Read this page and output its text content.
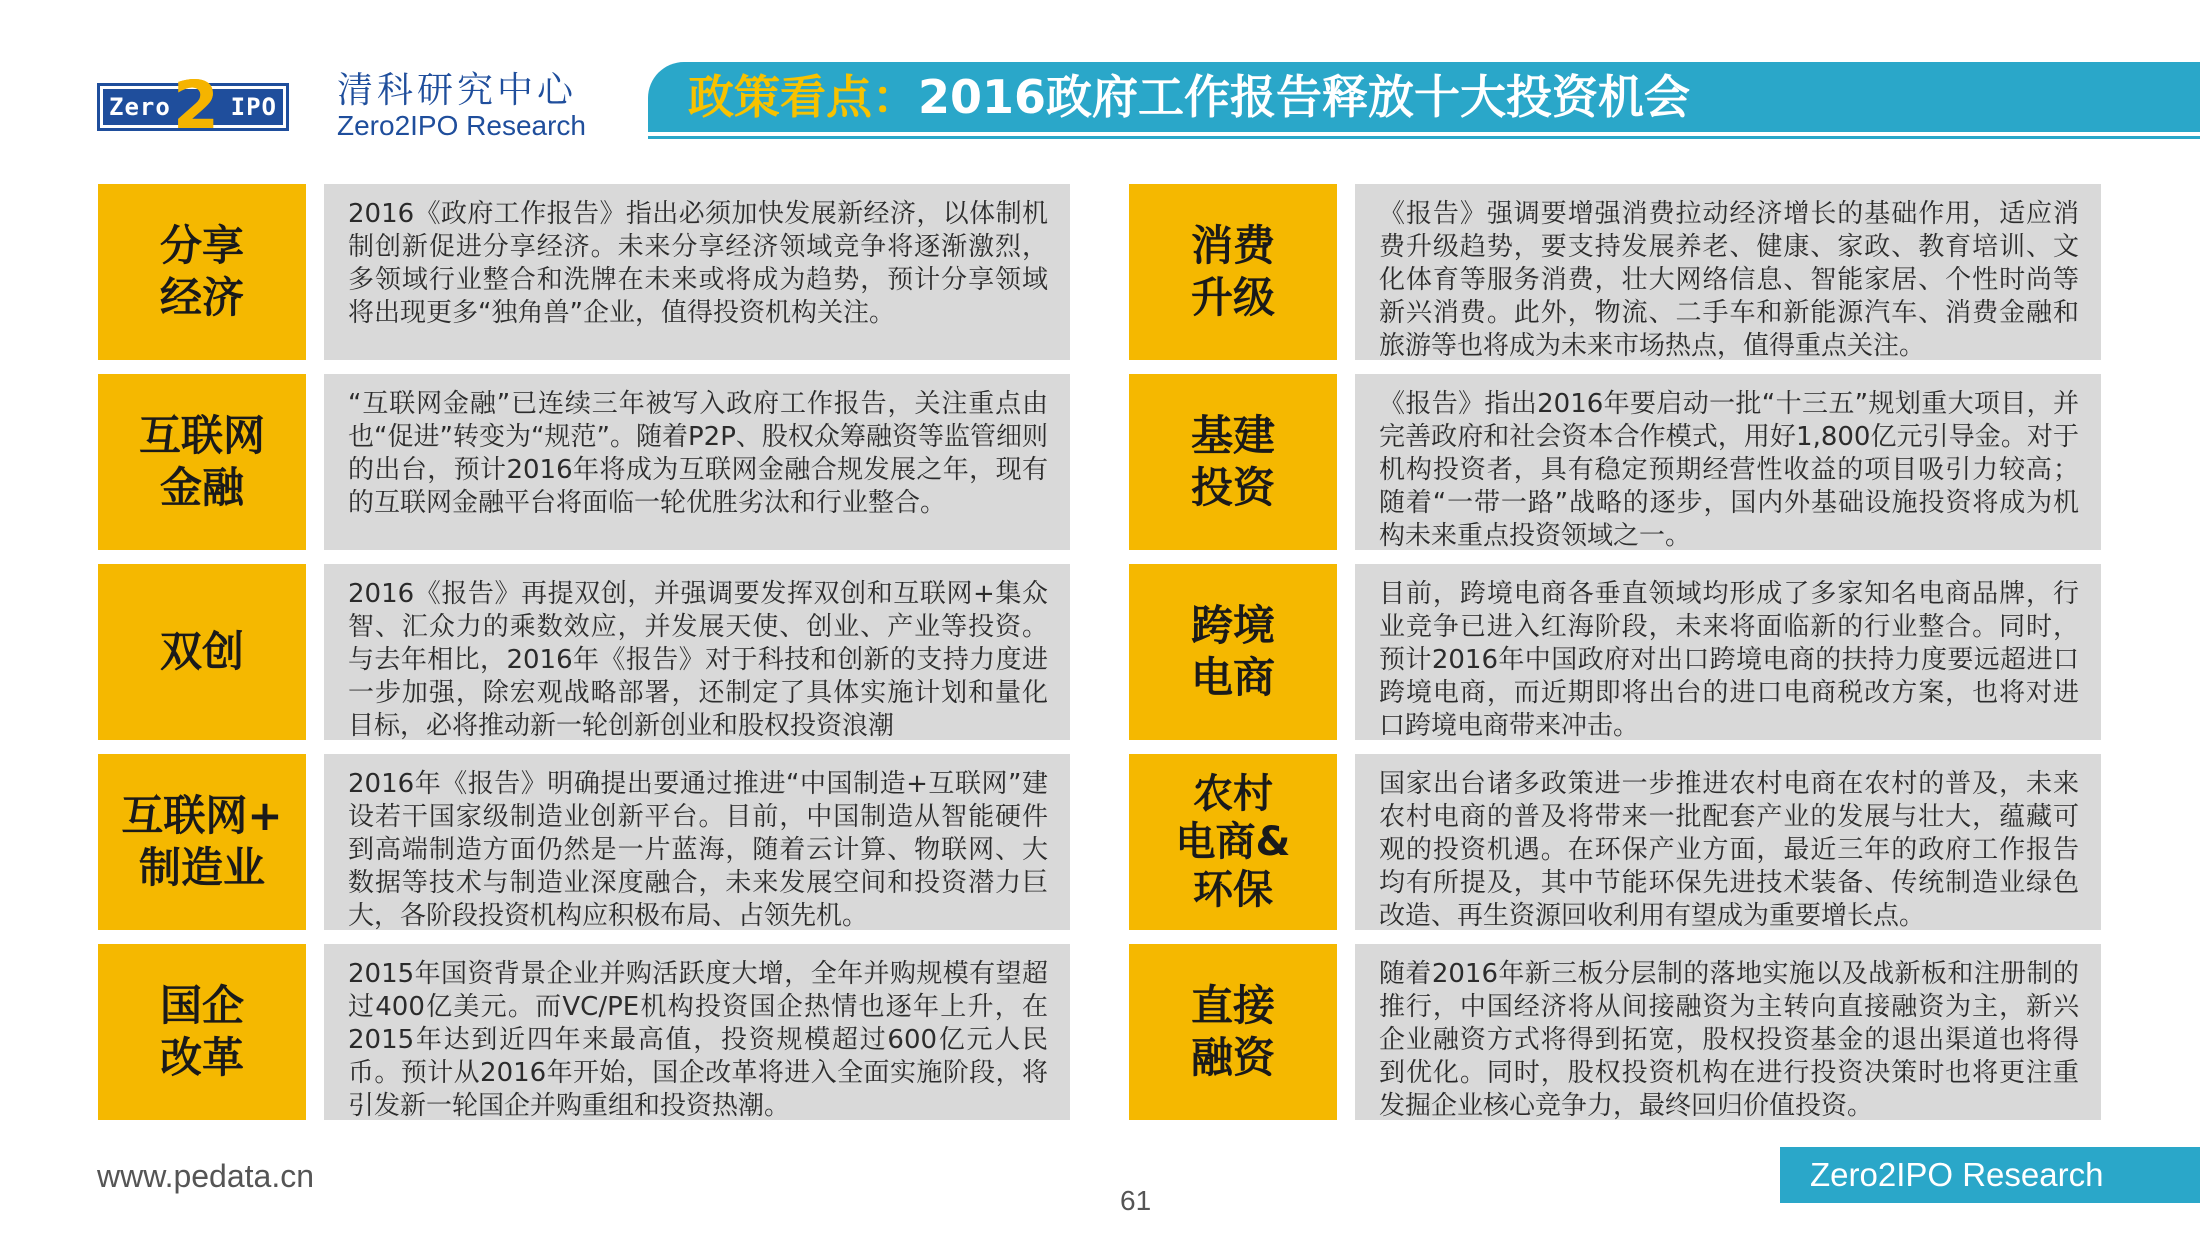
Zero IPO
2	清科研究中心
Zero2IPO Research
政策看点：2016政府工作报告释放十大投资机会
分享
经济
2016《政府工作报告》指出必须加快发展新经济，以体制机制创新促进分享经济。未来分享经济领域竞争将逐渐激烈，多领域行业整合和洗牌在未来或将成为趋势，预计分享领域将出现更多“独角兽”企业，值得投资机构关注。
互联网
金融
“互联网金融”已连续三年被写入政府工作报告，关注重点由也“促进”转变为“规范”。随着P2P、股权众筹融资等监管细则的出台，预计2016年将成为互联网金融合规发展之年，现有的互联网金融平台将面临一轮优胜劣汰和行业整合。
双创
2016《报告》再提双创，并强调要发挥双创和互联网+集众智、汇众力的乘数效应，并发展天使、创业、产业等投资。与去年相比，2016年《报告》对于科技和创新的支持力度进一步加强，除宏观战略部署，还制定了具体实施计划和量化目标，必将推动新一轮创新创业和股权投资浪潮
互联网+
制造业
2016年《报告》明确提出要通过推进“中国制造+互联网”建设若干国家级制造业创新平台。目前，中国制造从智能硬件到高端制造方面仍然是一片蓝海，随着云计算、物联网、大数据等技术与制造业深度融合，未来发展空间和投资潜力巨大，各阶段投资机构应积极布局、占领先机。
国企
改革
2015年国资背景企业并购活跃度大增，全年并购规模有望超过400亿美元。而VC/PE机构投资国企热情也逐年上升，在2015年达到近四年来最高值，投资规模超过600亿元人民币。预计从2016年开始，国企改革将进入全面实施阶段，将引发新一轮国企并购重组和投资热潮。
消费
升级
《报告》强调要增强消费拉动经济增长的基础作用，适应消费升级趋势，要支持发展养老、健康、家政、教育培训、文化体育等服务消费，壮大网络信息、智能家居、个性时尚等新兴消费。此外，物流、二手车和新能源汽车、消费金融和旅游等也将成为未来市场热点，值得重点关注。
基建
投资
《报告》指出2016年要启动一批“十三五”规划重大项目，并完善政府和社会资本合作模式，用好1,800亿元引导金。对于机构投资者，具有稳定预期经营性收益的项目吸引力较高；随着“一带一路”战略的逐步，国内外基础设施投资将成为机构未来重点投资领域之一。
跨境
电商
目前，跨境电商各垂直领域均形成了多家知名电商品牌，行业竞争已进入红海阶段，未来将面临新的行业整合。同时，预计2016年中国政府对出口跨境电商的扶持力度要远超进口跨境电商，而近期即将出台的进口电商税改方案，也将对进口跨境电商带来冲击。
农村
电商&
环保
国家出台诸多政策进一步推进农村电商在农村的普及，未来农村电商的普及将带来一批配套产业的发展与壮大，蕴藏可观的投资机遇。在环保产业方面，最近三年的政府工作报告均有所提及，其中节能环保先进技术装备、传统制造业绿色改造、再生资源回收利用有望成为重要增长点。
直接
融资
随着2016年新三板分层制的落地实施以及战新板和注册制的推行，中国经济将从间接融资为主转向直接融资为主，新兴企业融资方式将得到拓宽，股权投资基金的退出渠道也将得到优化。同时，股权投资机构在进行投资决策时也将更注重发掘企业核心竞争力，最终回归价值投资。
www.pedata.cn
61
Zero2IPO Research
